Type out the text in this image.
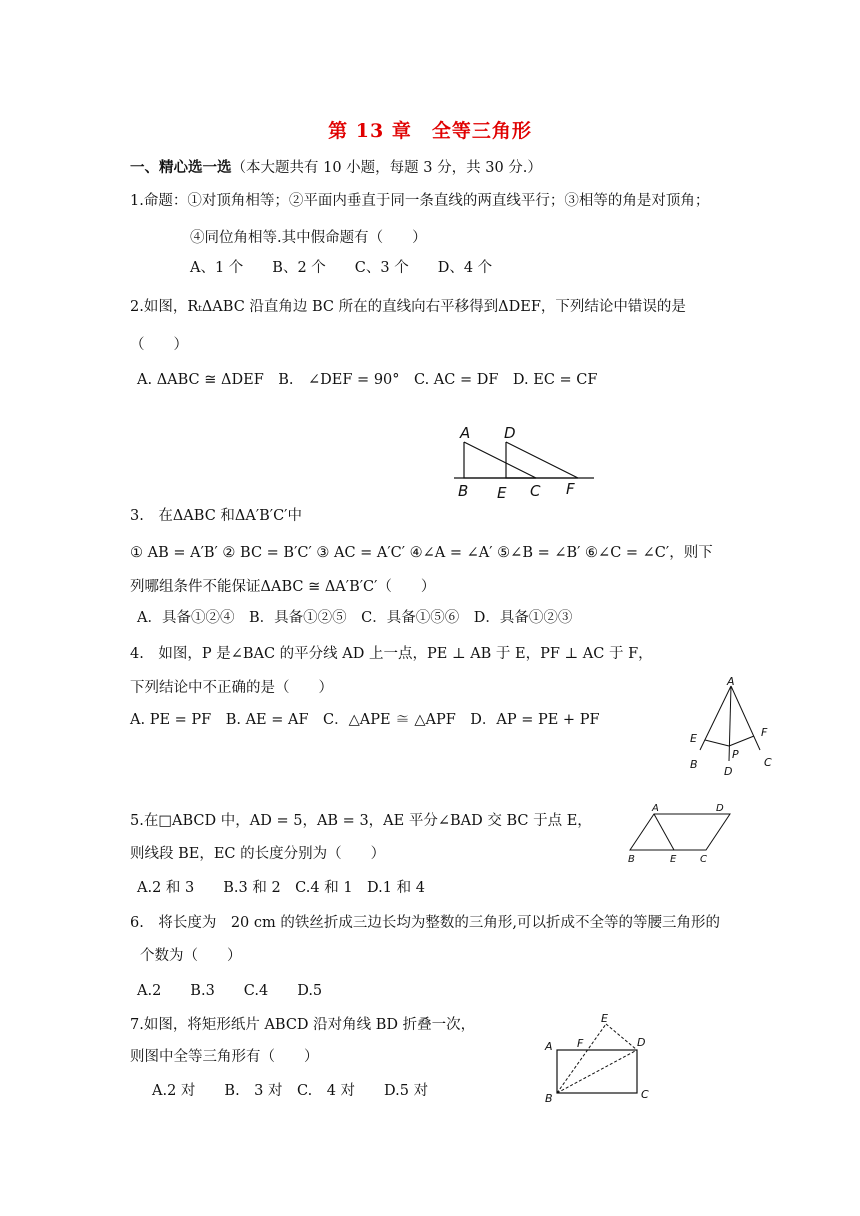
第 13 章　全等三角形
一、精心选一选（本大题共有 10 小题，每题 3 分，共 30 分.）
1.命题：①对顶角相等；②平面内垂直于同一条直线的两直线平行；③相等的角是对顶角；
④同位角相等.其中假命题有（　　）
A、1 个　　B、2 个　　C、3 个　　D、4 个
2.如图，RₜΔABC 沿直角边 BC 所在的直线向右平移得到ΔDEF，下列结论中错误的是
（　　）
A. ΔABC ≅ ΔDEF　B.　∠DEF = 90°　C. AC = DF　D. EC = CF
A D
B E C F
3.　在ΔABC 和ΔA′B′C′中
① AB = A′B′ ② BC = B′C′ ③ AC = A′C′ ④∠A = ∠A′ ⑤∠B = ∠B′ ⑥∠C = ∠C′，则下
列哪组条件不能保证ΔABC ≅ ΔA′B′C′（　　）
A．具备①②④　B．具备①②⑤　C．具备①⑤⑥　D．具备①②③
4.　如图，P 是∠BAC 的平分线 AD 上一点，PE ⊥ AB 于 E，PF ⊥ AC 于 F，
下列结论中不正确的是（　　）
A. PE = PF　B. AE = AF　C．△APE ≅ △APF　D．AP = PE + PF
A
E	F
P
B
D
C
5.在□ABCD 中，AD = 5，AB = 3，AE 平分∠BAD 交 BC 于点 E，
则线段 BE，EC 的长度分别为（　　）
A.2 和 3　　B.3 和 2　C.4 和 1　D.1 和 4
A	D
B	E C
6.　将长度为　20 cm 的铁丝折成三边长均为整数的三角形,可以折成不全等的等腰三角形的
个数为（　　）
A.2　　B.3　　C.4　　D.5
7.如图，将矩形纸片 ABCD 沿对角线 BD 折叠一次，
则图中全等三角形有（　　）
A.2 对　　B.　3 对　C.　4 对　　D.5 对
E
A F	D
B	C
